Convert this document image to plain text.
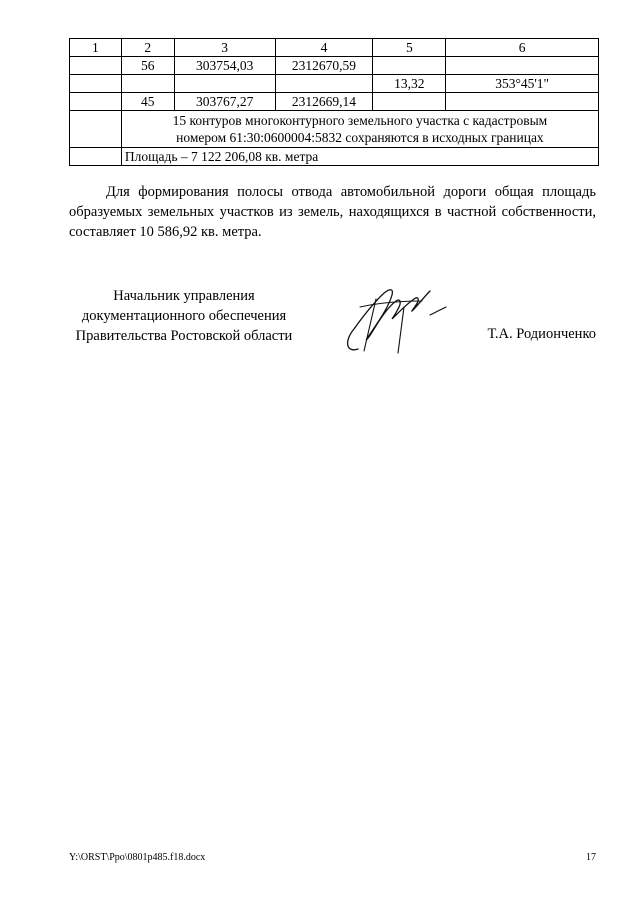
1	2	3	4	5	6
	56	303754,03	2312670,59		
				13,32	353°45'1"
	45	303767,27	2312669,14		

	15 контуров многоконтурного земельного участка с кадастровым
номером 61:30:0600004:5832 сохраняются в исходных границах				

	Площадь – 7 122 206,08 кв. метра				

Для формирования полосы отвода автомобильной дороги общая площадь образуемых земельных участков из земель, находящихся в частной собственности, составляет 10 586,92 кв. метра.

Начальник управления
документационного обеспечения
Правительства Ростовской области	Т.А. Родионченко
Y:\ORST\Ppo\0801p485.f18.docx	17
